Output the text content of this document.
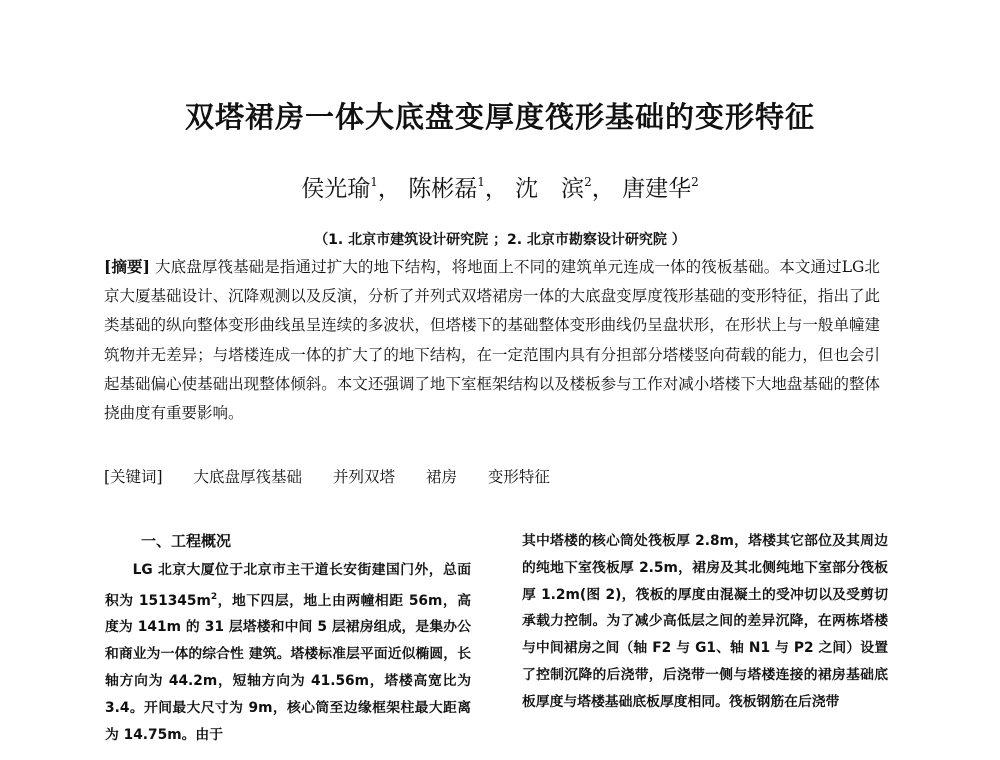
双塔裙房一体大底盘变厚度筏形基础的变形特征
侯光瑜$^1$， 陈彬磊$^1$， 沈　滨$^2$， 唐建华$^2$
（1. 北京市建筑设计研究院 ；2. 北京市勘察设计研究院 ）
[摘要] 大底盘厚筏基础是指通过扩大的地下结构，将地面上不同的建筑单元连成一体的筏板基础。本文通过LG北京大厦基础设计、沉降观测以及反演，分析了并列式双塔裙房一体的大底盘变厚度筏形基础的变形特征，指出了此类基础的纵向整体变形曲线虽呈连续的多波状，但塔楼下的基础整体变形曲线仍呈盘状形，在形状上与一般单幢建筑物并无差异；与塔楼连成一体的扩大了的地下结构，在一定范围内具有分担部分塔楼竖向荷载的能力，但也会引起基础偏心使基础出现整体倾斜。本文还强调了地下室框架结构以及楼板参与工作对减小塔楼下大地盘基础的整体挠曲度有重要影响。
[关键词] 大底盘厚筏基础 并列双塔 裙房 变形特征
一、工程概况
LG 北京大厦位于北京市主干道长安街建国门外，总面积为 $151345m^2$，地下四层，地上由两幢相距 56m，高度为 141m 的 31 层塔楼和中间 5 层裙房组成，是集办公和商业为一体的综合性 建筑。塔楼标准层平面近似椭圆，长轴方向为 44.2m，短轴方向为 41.56m，塔楼高宽比为 3.4。开间最大尺寸为 9m，核心筒至边缘框架柱最大距离为 14.75m。由于
其中塔楼的核心筒处筏板厚 2.8m，塔楼其它部位及其周边的纯地下室筏板厚 2.5m，裙房及其北侧纯地下室部分筏板厚 1.2m(图 2)，筏板的厚度由混凝土的受冲切以及受剪切承载力控制。为了减少高低层之间的差异沉降，在两栋塔楼与中间裙房之间（轴 F2 与 G1、轴 N1 与 P2 之间）设置了控制沉降的后浇带，后浇带一侧与塔楼连接的裙房基础底板厚度与塔楼基础底板厚度相同。筏板钢筋在后浇带
